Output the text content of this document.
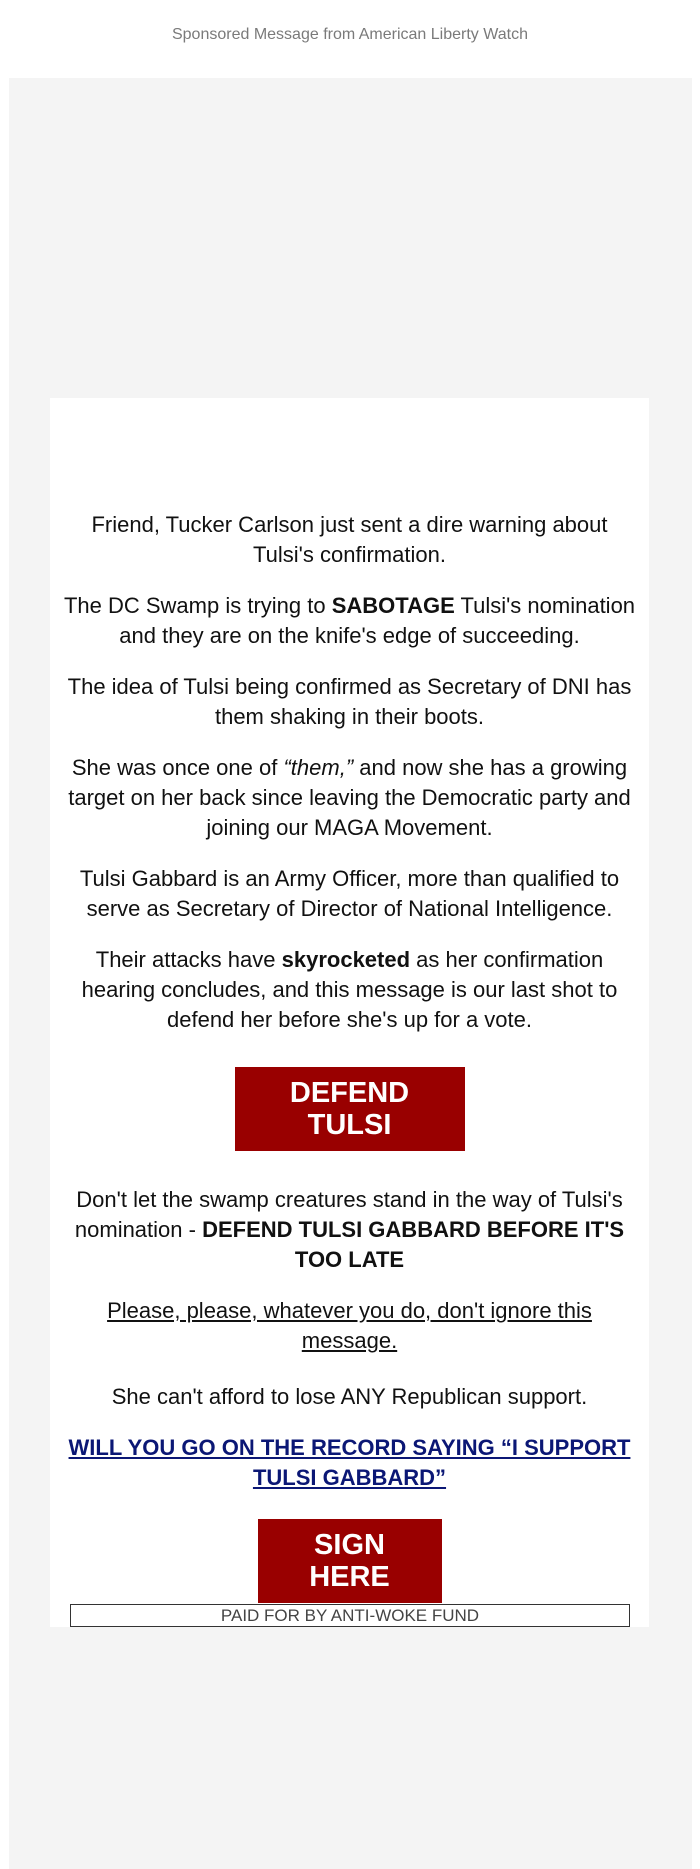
Sponsored Message from American Liberty Watch

Friend, Tucker Carlson just sent a dire warning about Tulsi's confirmation.

The DC Swamp is trying to SABOTAGE Tulsi's nomination and they are on the knife's edge of succeeding.

The idea of Tulsi being confirmed as Secretary of DNI has them shaking in their boots.

She was once one of “them,” and now she has a growing target on her back since leaving the Democratic party and joining our MAGA Movement.

Tulsi Gabbard is an Army Officer, more than qualified to serve as Secretary of Director of National Intelligence.

Their attacks have skyrocketed as her confirmation hearing concludes, and this message is our last shot to defend her before she's up for a vote.

DEFEND TULSI

Don't let the swamp creatures stand in the way of Tulsi's nomination - DEFEND TULSI GABBARD BEFORE IT'S TOO LATE

Please, please, whatever you do, don't ignore this message.

She can't afford to lose ANY Republican support.

WILL YOU GO ON THE RECORD SAYING “I SUPPORT TULSI GABBARD”

SIGN HERE
PAID FOR BY ANTI-WOKE FUND
